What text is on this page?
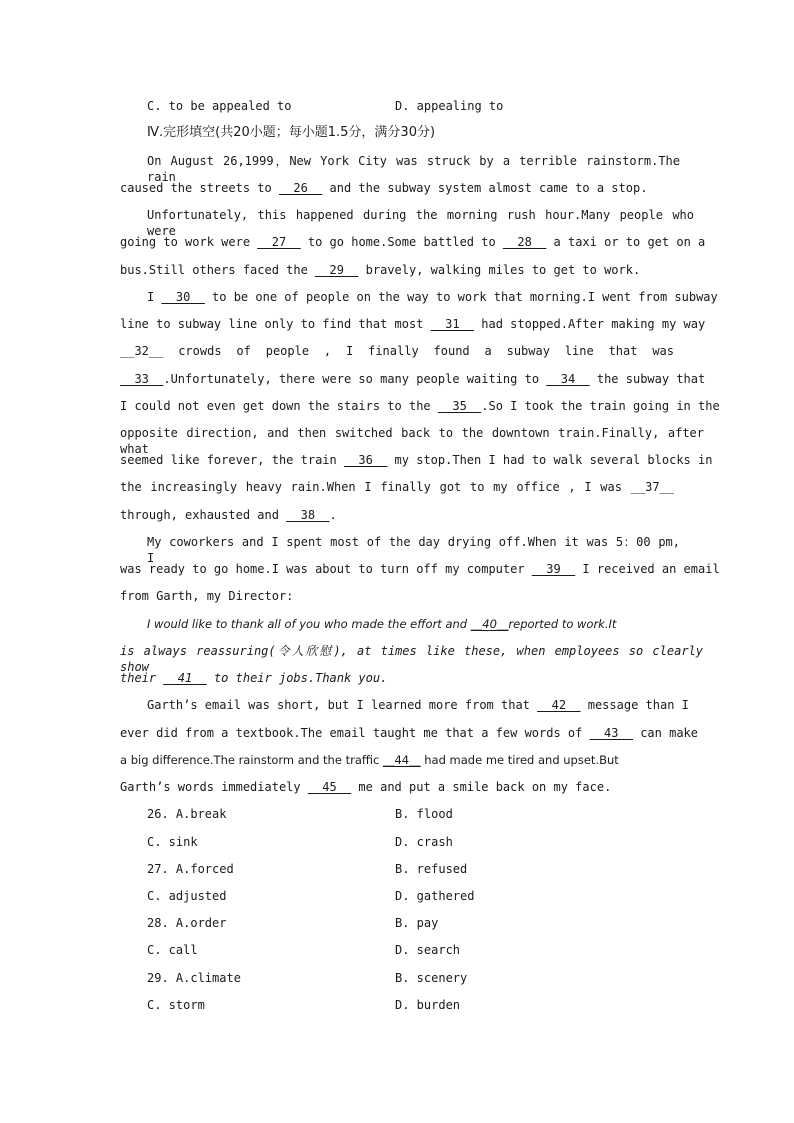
C. to be appealed to	D. appealing to
Ⅳ.完形填空(共20小题；每小题1.5分，满分30分)
On August 26,1999，New York City was struck by a terrible rainstorm.The rain
caused the streets to __26__ and the subway system almost came to a stop.
Unfortunately, this happened during the morning rush hour.Many people who were
going to work were __27__ to go home.Some battled to __28__ a taxi or to get on a
bus.Still others faced the __29__ bravely, walking miles to get to work.
I __30__ to be one of people on the way to work that morning.I went from subway
line to subway line only to find that most __31__ had stopped.After making my way
__32__ crowds of people , I finally found a subway line that was
__33__.Unfortunately, there were so many people waiting to __34__ the subway that
I could not even get down the stairs to the __35__.So I took the train going in the
opposite direction, and then switched back to the downtown train.Finally, after what
seemed like forever, the train __36__ my stop.Then I had to walk several blocks in
the increasingly heavy rain.When I finally got to my office , I was __37__
through, exhausted and __38__.
My coworkers and I spent most of the day drying off.When it was 5：00 pm, I
was ready to go home.I was about to turn off my computer __39__ I received an email
from Garth, my Director:
I would like to thank all of you who made the effort and __40__reported to work.It
is always reassuring(令人欣慰), at times like these, when employees so clearly show
their __41__ to their jobs.Thank you.
Garth’s email was short, but I learned more from that __42__ message than I
ever did from a textbook.The email taught me that a few words of __43__ can make
a big difference.The rainstorm and the traffic __44__ had made me tired and upset.But
Garth’s words immediately __45__ me and put a smile back on my face.
26. A.break	B. flood
C. sink	D. crash
27. A.forced	B. refused
C. adjusted	D. gathered
28. A.order	B. pay
C. call	D. search
29. A.climate	B. scenery
C. storm	D. burden
